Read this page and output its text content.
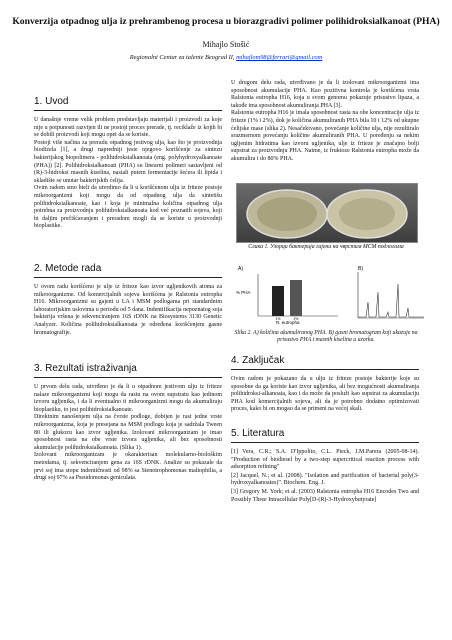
Konverzija otpadnog ulja iz prehrambenog procesa u biorazgradivi polimer polihidroksialkanoat (PHA)
Mihajlo Stošić
Regionalni Centar za talente Beograd II, mihajlom98@ferrari@gmail.com
1. Uvod

U današnje vreme velik problem predstavljaju materijali i proizvodi za koje nije u potpunosti razvijen ili ne postoji proces prerade, tj. reciklaže iz kojih bi se dobili proizvodi koji mogu opet da se koriste.

Postoji više načina za preradu otpadnog jestivog ulja, kao što je proizvodnja biodizela [1], a drugi napredniji jeste njegovo korišćenje za sintezu bakterijskog biopolimera - polihidroksialkanoata (eng. polyhydroxyalkanoate (PHA)) [2]. Polihidroksialkanoati (PHA) su linearni polimeri sastavljeni od (R)-3-hidroksi masnih kiselina, nastali putem fermentacije šećera ili lipida i skladište se unutar bakterijskih ćelija.

Ovim radom smo hteli da utvrdimo da li u korišćenom ulju iz friteze postoje mikroorganizmi koji mogu da od otpadnog ulja da sintetišu polihidroksialkanoate, kao i koja je minimalna količina otpadnog ulja potrebna za proizvodnju polihidroksialkanoata kod već poznatih sojeva, koji bi daljim prečišćavanjem i preradom mogli da se koriste u proizvodnji bioplastike.

2. Metode rada

U ovom radu korišćeno je ulje iz friteze kao izvor ugljenikovih atoma za mikroorganizme. Od komercijalnih sojeva korišćena je Ralstonia eutropha H16. Mikroorganizmi su gajeni u LA i MSM podlogama pri standardnim laboratorijskim uslovima u periodu od 5 dana. Indentifikacija nepoznatog soja bakterija vršena je sekvenciranjem 16S rDNK na Biosystems 3130 Genetic Analyzer. Količina polihidroksialkanoata je određena korišćenjem gasne hromatografije.

3. Rezultati istraživanja

U prvom delu rada, utvrđeno je da li u otpadnom jestivom ulju iz friteze nalaze mikroorganizmi koji mogu da rastu na ovom supstratu kao jedinom izvoru ugljenika, i da li eventualno ti mikroorganizmi mogu da akumuliraju bioplastiku, to jest polihidroksialkanoate.

Direktnim nanošenjem ulja na čvrste podloge, dobijen je rast jedne vrste mikroorganizma, koja je presejana na MSM podlogu koja je sadržala Tween 80 ili glukozu kao izvor ugljenika. Izolovani mikroorganizam je imao sposobnost rasta na obe vrste izvora ugljenika, ali bez sposobnosti akumulacije polihidroksialkanoata. (Slika 1).

Izolovani mikroorganizam je okarakterisan molekularno-biološkim metodama, tj. sekvenciranjem gena za 16S rDNK. Analize su pokazale da prvi soj ima stopu indentičnosti od 98% sa Stenotrophomonas maltophilia, a drugi soj 97% sa Pseudomonas geniculata.

U drugom delu rada, utvrđivano je da li izolovani mikroorganizmi ima sposobnost akumulacije PHA. Kao pozitivna kontrola je korišćena vrsta Ralstonia eutropha H16, koja u svom genomu pokazuje prisustvo lipaza, a takođe ima sposobnost akumuliranja PHA [3].

Ralstonia eutropha H16 je imala sposobnost rasta na obe koncentracije ulja iz friteze (1% i 2%), dok je količina akumuliranih PHA bila 10 i 12% od ukupne ćelijske mase (slika 2). Nesačekivano, povećanje količine ulja, nije rezultiralo srazmernom povećanju količine akumuliranih PHA. U poređenju sa nekim ugljenim hidratima kao izvoru ugljenika, ulje iz friteze je značajno bolji supstrat za proizvodnju PHA. Naime, iz fruktoze Ralstonia eutropha može da akumulira i do 80% PHA.

Слика 1. Узорци бактерија гајени на чврстим МСМ подлогама
A)	B)
% PHA
1%	2%
R. eutropha
Slika 2. A) količina akumuliranog PHA. B) gasni hromatogram koji ukazuje na prisustvo PHA i masnih kiselina u uzorku.
4. Zaključak

Ovim radom je pokazano da u ulju iz friteze postoje bakterije koje su sposobne da ga koriste kao izvor ugljenika, ali bez mogućnosti akumuliranja polihidroksi-alkanoata, kao i da može da posluži kao supstrat za akumulaciju PHA kod komercijalnih sojeva, ali da je potrebno dodatno optimizovati proces, kako bi on mogao da se primeni na većoj skali.

5. Literatura

[1] Vera, C.R.; S.A. D'Ippolito, C.L. Pieck, J.M.Parera (2005-08-14). "Production of biodiesel by a two-step supercritical reaction process with adsorption refining"

[2] Jacquel, N.; et al. (2008). "Isolation and purification of bacterial poly(3-hydroxyalkanoates)". Biochem. Eng. J.

[3] Gregory M. York; et al. (2003) Ralstonia eutropha H16 Encodes Two and Possibly Three Intracellular Poly[D-(R)-3-Hydroxybutyrate]
